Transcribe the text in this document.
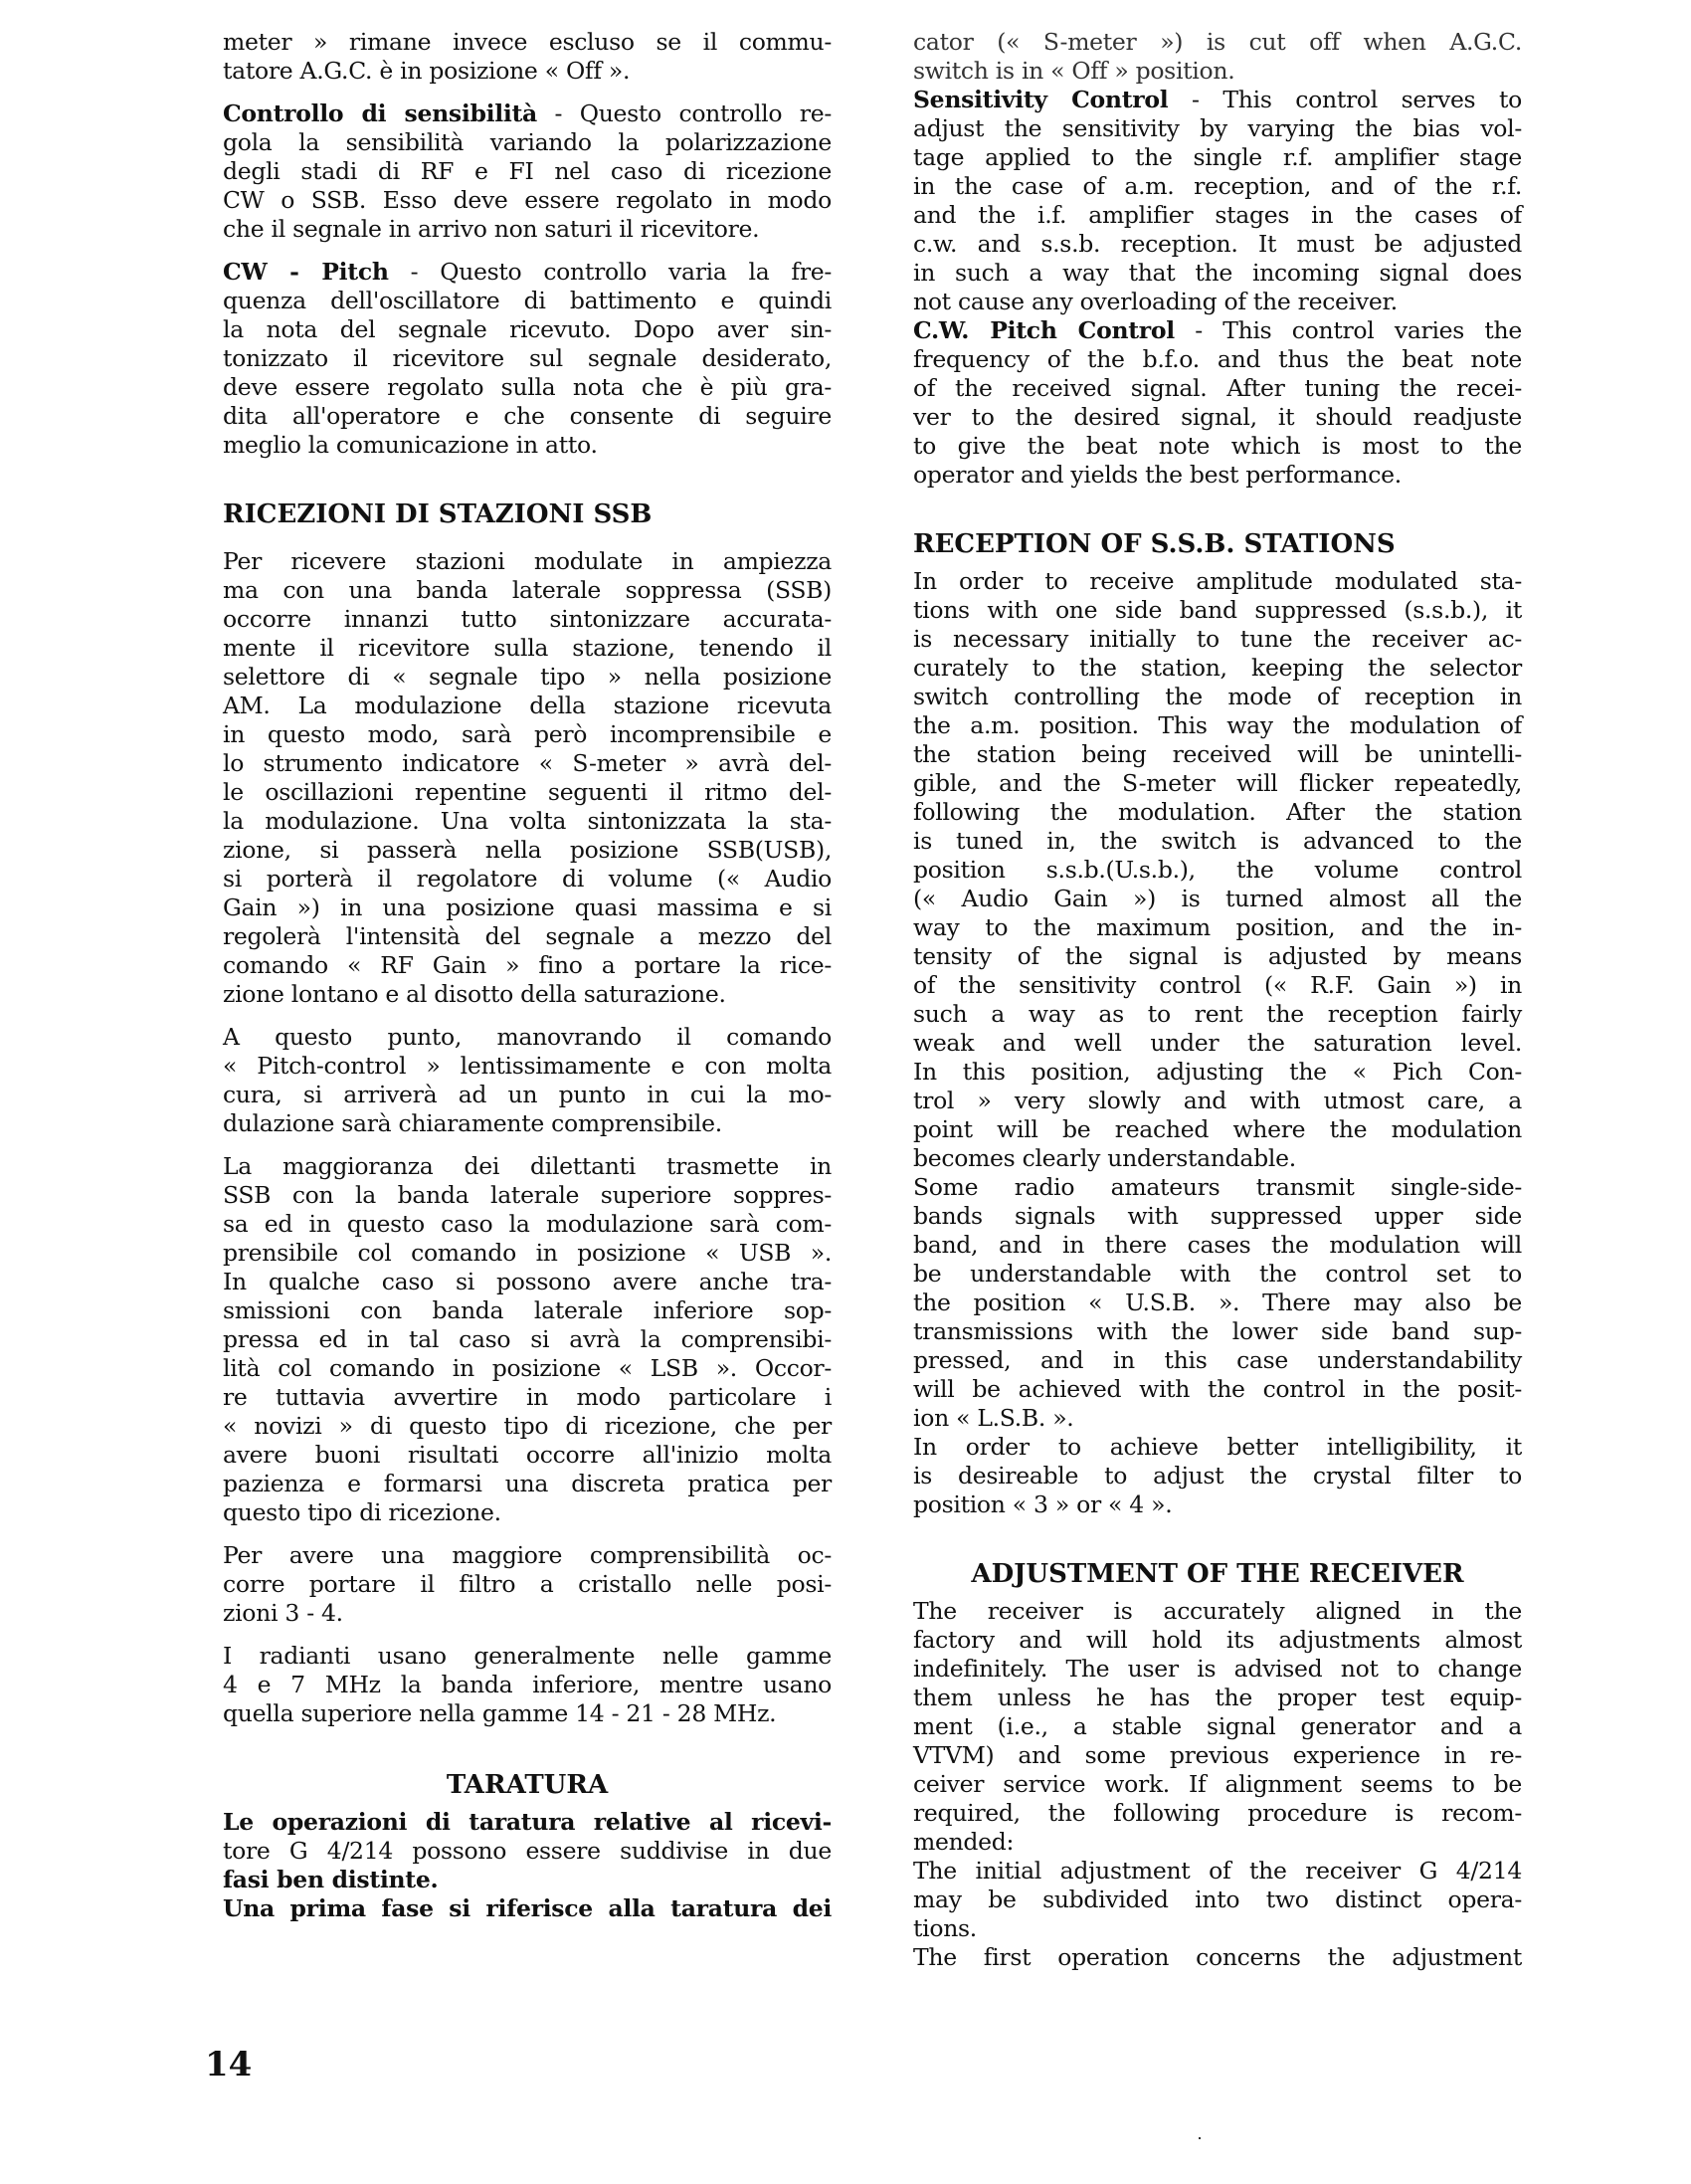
meter » rimane invece escluso se il commu-
tatore A.G.C. è in posizione « Off ».
Controllo di sensibilità - Questo controllo re-
gola la sensibilità variando la polarizzazione
degli stadi di RF e FI nel caso di ricezione
CW o SSB. Esso deve essere regolato in modo
che il segnale in arrivo non saturi il ricevitore.
CW - Pitch - Questo controllo varia la fre-
quenza dell'oscillatore di battimento e quindi
la nota del segnale ricevuto. Dopo aver sin-
tonizzato il ricevitore sul segnale desiderato,
deve essere regolato sulla nota che è più gra-
dita all'operatore e che consente di seguire
meglio la comunicazione in atto.
RICEZIONI DI STAZIONI SSB
Per ricevere stazioni modulate in ampiezza
ma con una banda laterale soppressa (SSB)
occorre innanzi tutto sintonizzare accurata-
mente il ricevitore sulla stazione, tenendo il
selettore di « segnale tipo » nella posizione
AM. La modulazione della stazione ricevuta
in questo modo, sarà però incomprensibile e
lo strumento indicatore « S-meter » avrà del-
le oscillazioni repentine seguenti il ritmo del-
la modulazione. Una volta sintonizzata la sta-
zione, si passerà nella posizione SSB(USB),
si porterà il regolatore di volume (« Audio
Gain ») in una posizione quasi massima e si
regolerà l'intensità del segnale a mezzo del
comando « RF Gain » fino a portare la rice-
zione lontano e al disotto della saturazione.
A questo punto, manovrando il comando
« Pitch-control » lentissimamente e con molta
cura, si arriverà ad un punto in cui la mo-
dulazione sarà chiaramente comprensibile.
La maggioranza dei dilettanti trasmette in
SSB con la banda laterale superiore soppres-
sa ed in questo caso la modulazione sarà com-
prensibile col comando in posizione « USB ».
In qualche caso si possono avere anche tra-
smissioni con banda laterale inferiore sop-
pressa ed in tal caso si avrà la comprensibi-
lità col comando in posizione « LSB ». Occor-
re tuttavia avvertire in modo particolare i
« novizi » di questo tipo di ricezione, che per
avere buoni risultati occorre all'inizio molta
pazienza e formarsi una discreta pratica per
questo tipo di ricezione.
Per avere una maggiore comprensibilità oc-
corre portare il filtro a cristallo nelle posi-
zioni 3 - 4.
I radianti usano generalmente nelle gamme
4 e 7 MHz la banda inferiore, mentre usano
quella superiore nella gamme 14 - 21 - 28 MHz.
TARATURA
Le operazioni di taratura relative al ricevi-
tore G 4/214 possono essere suddivise in due
fasi ben distinte.
Una prima fase si riferisce alla taratura dei
cator (« S-meter ») is cut off when A.G.C.
switch is in « Off » position.
Sensitivity Control - This control serves to
adjust the sensitivity by varying the bias vol-
tage applied to the single r.f. amplifier stage
in the case of a.m. reception, and of the r.f.
and the i.f. amplifier stages in the cases of
c.w. and s.s.b. reception. It must be adjusted
in such a way that the incoming signal does
not cause any overloading of the receiver.
C.W. Pitch Control - This control varies the
frequency of the b.f.o. and thus the beat note
of the received signal. After tuning the recei-
ver to the desired signal, it should readjuste
to give the beat note which is most to the
operator and yields the best performance.
RECEPTION OF S.S.B. STATIONS
In order to receive amplitude modulated sta-
tions with one side band suppressed (s.s.b.), it
is necessary initially to tune the receiver ac-
curately to the station, keeping the selector
switch controlling the mode of reception in
the a.m. position. This way the modulation of
the station being received will be unintelli-
gible, and the S-meter will flicker repeatedly,
following the modulation. After the station
is tuned in, the switch is advanced to the
position s.s.b.(U.s.b.), the volume control
(« Audio Gain ») is turned almost all the
way to the maximum position, and the in-
tensity of the signal is adjusted by means
of the sensitivity control (« R.F. Gain ») in
such a way as to rent the reception fairly
weak and well under the saturation level.
In this position, adjusting the « Pich Con-
trol » very slowly and with utmost care, a
point will be reached where the modulation
becomes clearly understandable.
Some radio amateurs transmit single-side-
bands signals with suppressed upper side
band, and in there cases the modulation will
be understandable with the control set to
the position « U.S.B. ». There may also be
transmissions with the lower side band sup-
pressed, and in this case understandability
will be achieved with the control in the posit-
ion « L.S.B. ».
In order to achieve better intelligibility, it
is desireable to adjust the crystal filter to
position « 3 » or « 4 ».
ADJUSTMENT OF THE RECEIVER
The receiver is accurately aligned in the
factory and will hold its adjustments almost
indefinitely. The user is advised not to change
them unless he has the proper test equip-
ment (i.e., a stable signal generator and a
VTVM) and some previous experience in re-
ceiver service work. If alignment seems to be
required, the following procedure is recom-
mended:
The initial adjustment of the receiver G 4/214
may be subdivided into two distinct opera-
tions.
The first operation concerns the adjustment
14
